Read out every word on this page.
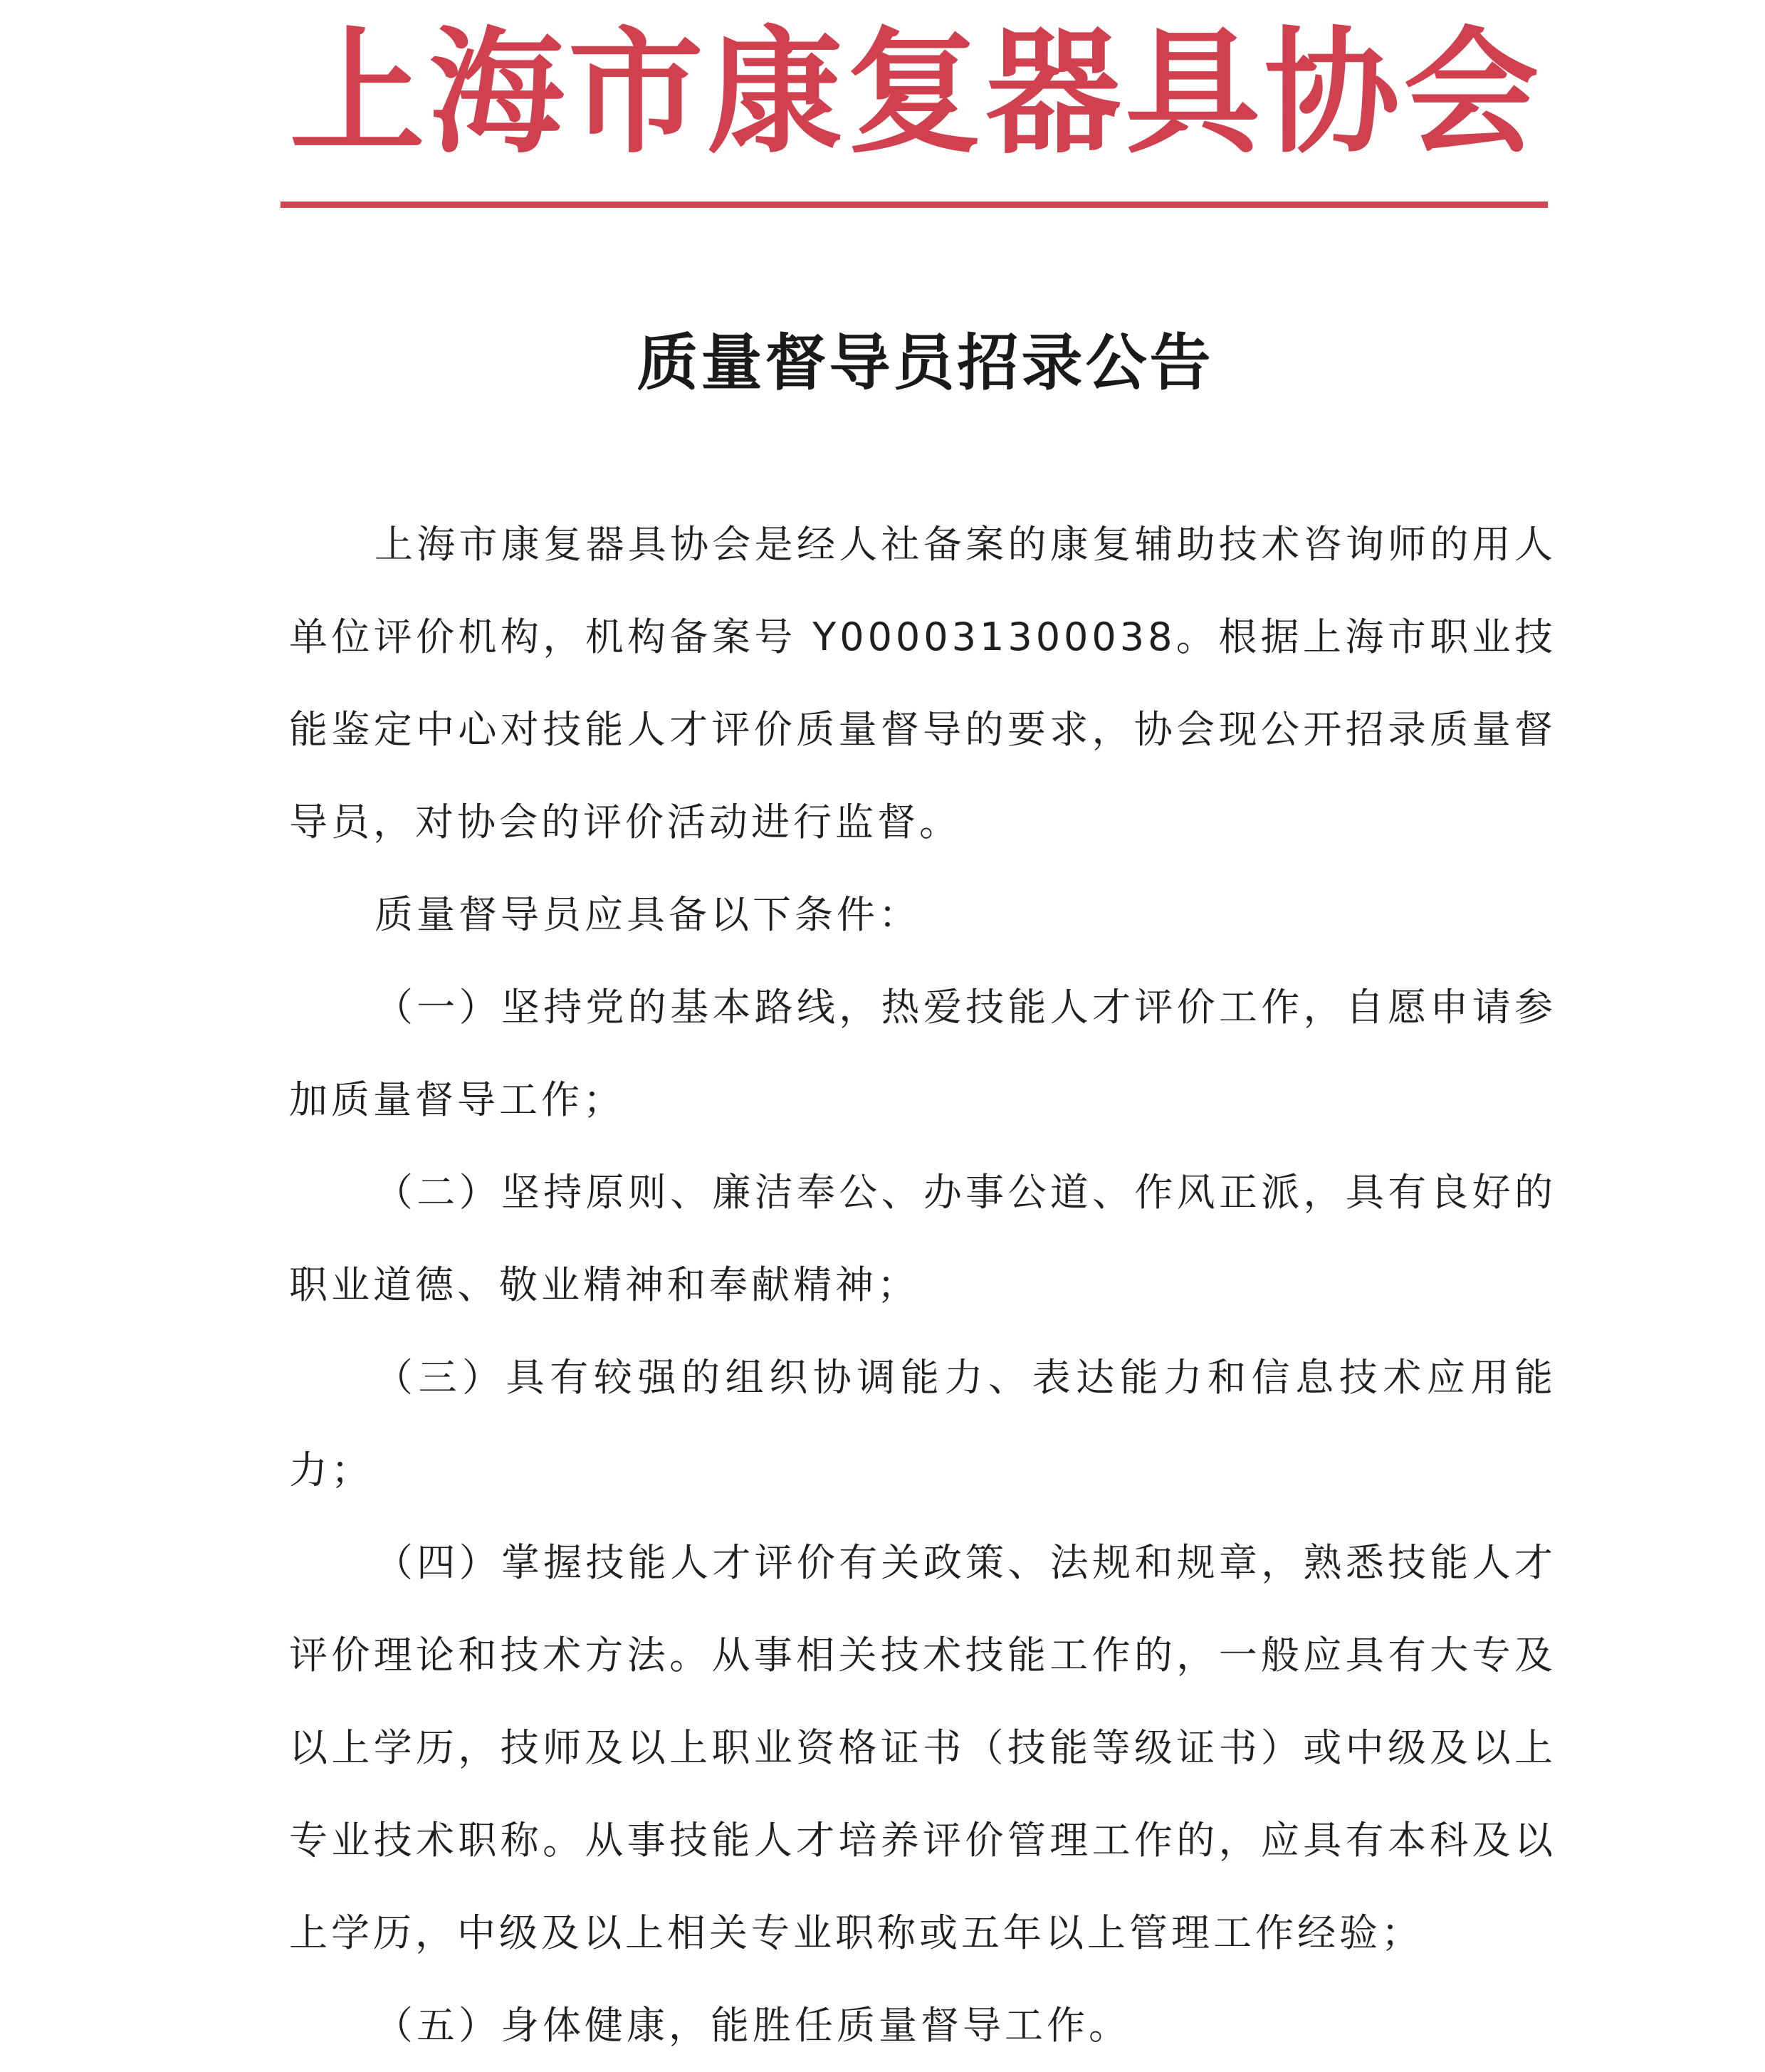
上 海 市 康 复 器 具 协 会
质量督导员招录公告

上海市康复器具协会是经人社备案的康复辅助技术咨询师的用人单位评价机构，机构备案号 Y000031300038。根据上海市职业技能鉴定中心对技能人才评价质量督导的要求，协会现公开招录质量督导员，对协会的评价活动进行监督。

质量督导员应具备以下条件：

（一）坚持党的基本路线，热爱技能人才评价工作，自愿申请参加质量督导工作；

（二）坚持原则、廉洁奉公、办事公道、作风正派，具有良好的职业道德、敬业精神和奉献精神；

（三）具有较强的组织协调能力、表达能力和信息技术应用能力；

（四）掌握技能人才评价有关政策、法规和规章，熟悉技能人才评价理论和技术方法。从事相关技术技能工作的，一般应具有大专及以上学历，技师及以上职业资格证书（技能等级证书）或中级及以上专业技术职称。从事技能人才培养评价管理工作的，应具有本科及以上学历，中级及以上相关专业职称或五年以上管理工作经验；

（五）身体健康，能胜任质量督导工作。
